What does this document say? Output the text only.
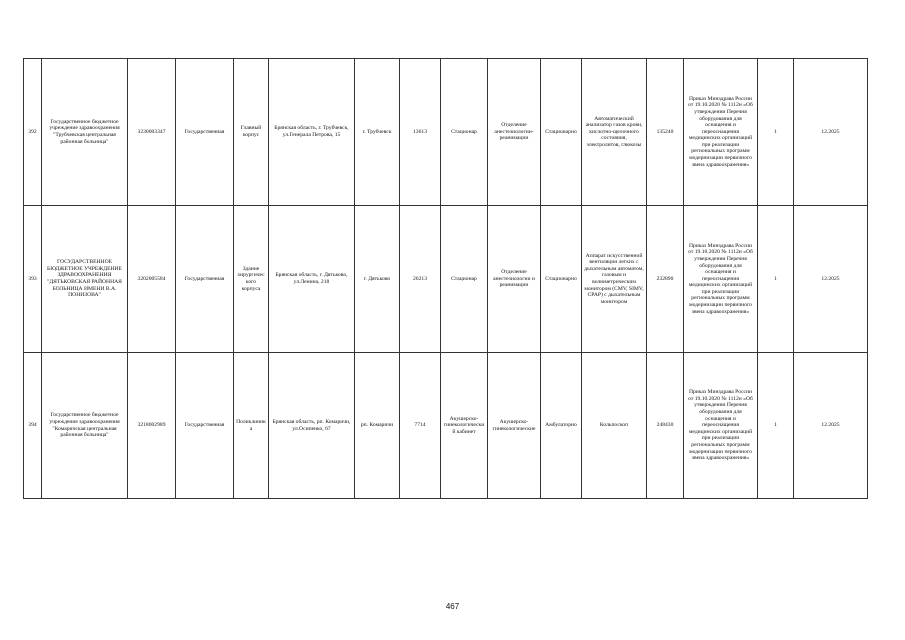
392	Государственное бюджетное учреждение здравоохранения "Трубчевская центральная районная больница"	3230003347	Государственная	Главный корпус	Брянская область, г. Трубчевск, ул.Генерала Петрова, 15	г. Трубчевск	13613	Стационар	Отделение анестезиологии-реанимации	Стационарно	Автоматический анализатор газов крови, кислотно-щелочного состояния, электролитов, глюкозы	135240	Приказ Минздрава России от 19.10.2020 № 1112н «Об утверждении Перечня оборудования для оснащения и переоснащения медицинских организаций при реализации региональных программ модернизации первичного звена здравоохранения»	1	12.2025
393	ГОСУДАРСТВЕННОЕ БЮДЖЕТНОЕ УЧРЕЖДЕНИЕ ЗДРАВООХРАНЕНИЯ "ДЯТЬКОВСКАЯ РАЙОННАЯ БОЛЬНИЦА ИМЕНИ В.А. ПОНИЗОВА"	3202005584	Государственная	Здание хирургического корпуса	Брянская область, г. Дятьково, ул.Ленина, 218	г. Дятьково	26213	Стационар	Отделение анестезиологии и реанимации	Стационарно	Аппарат искусственной вентиляции легких с дыхательным автоматом, газовым и волюметрическим монитором (CMV, SIMV, CPAP) с дыхательным монитором	232890	Приказ Минздрава России от 19.10.2020 № 1112н «Об утверждении Перечня оборудования для оснащения и переоснащения медицинских организаций при реализации региональных программ модернизации первичного звена здравоохранения»	1	12.2025
394	Государственное бюджетное учреждение здравоохранения "Комаричская центральная районная больница"	3218002989	Государственная	Поликлиника	Брянская область, рп. Комаричи, ул.Осипенко, 67	рп. Комаричи	7714	Акушерско-гинекологический кабинет	Акушерско-гинекологические	Амбулаторно	Кольпоскоп	248430	Приказ Минздрава России от 19.10.2020 № 1112н «Об утверждении Перечня оборудования для оснащения и переоснащения медицинских организаций при реализации региональных программ модернизации первичного звена здравоохранения»	1	12.2025
467
